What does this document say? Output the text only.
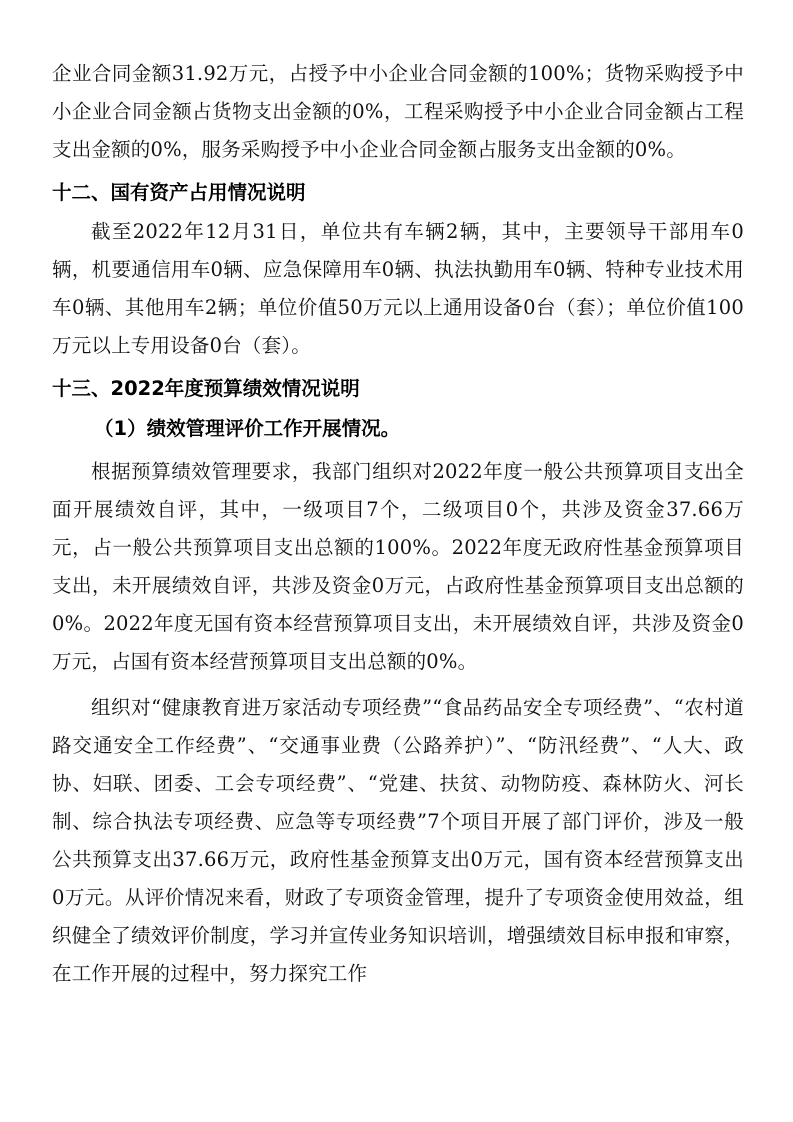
企业合同金额31.92万元，占授予中小企业合同金额的100%；货物采购授予中小企业合同金额占货物支出金额的0%，工程采购授予中小企业合同金额占工程支出金额的0%，服务采购授予中小企业合同金额占服务支出金额的0%。

十二、国有资产占用情况说明

截至2022年12月31日，单位共有车辆2辆，其中，主要领导干部用车0辆，机要通信用车0辆、应急保障用车0辆、执法执勤用车0辆、特种专业技术用车0辆、其他用车2辆；单位价值50万元以上通用设备0台（套）；单位价值100万元以上专用设备0台（套）。

十三、2022年度预算绩效情况说明
（1）绩效管理评价工作开展情况。

根据预算绩效管理要求，我部门组织对2022年度一般公共预算项目支出全面开展绩效自评，其中，一级项目7个，二级项目0个，共涉及资金37.66万元，占一般公共预算项目支出总额的100%。2022年度无政府性基金预算项目支出，未开展绩效自评，共涉及资金0万元，占政府性基金预算项目支出总额的0%。2022年度无国有资本经营预算项目支出，未开展绩效自评，共涉及资金0万元，占国有资本经营预算项目支出总额的0%。

组织对“健康教育进万家活动专项经费”“食品药品安全专项经费”、“农村道路交通安全工作经费”、“交通事业费（公路养护）”、“防汛经费”、“人大、政协、妇联、团委、工会专项经费”、“党建、扶贫、动物防疫、森林防火、河长制、综合执法专项经费、应急等专项经费”7个项目开展了部门评价，涉及一般公共预算支出37.66万元，政府性基金预算支出0万元，国有资本经营预算支出0万元。从评价情况来看，财政了专项资金管理，提升了专项资金使用效益，组织健全了绩效评价制度，学习并宣传业务知识培训，增强绩效目标申报和审察，在工作开展的过程中，努力探究工作
